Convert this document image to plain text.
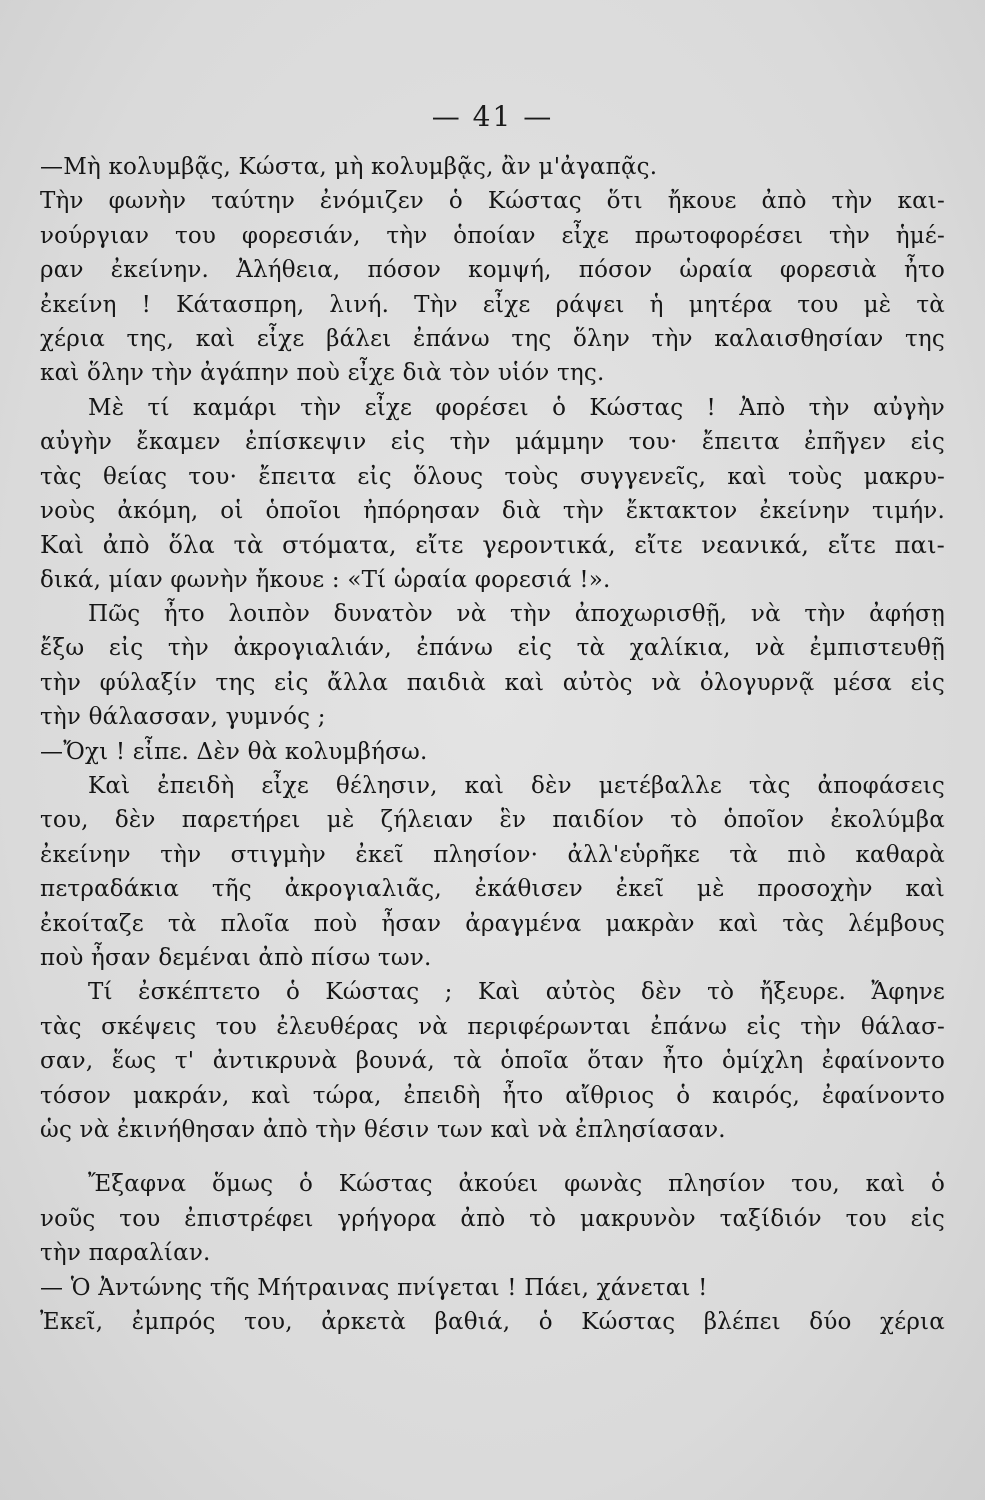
— 41 —
—Μὴ κολυμβᾷς, Κώστα, μὴ κολυμβᾷς, ἂν μ'ἀγαπᾷς.
Τὴν φωνὴν ταύτην ἐνόμιζεν ὁ Κώστας ὅτι ἤκουε ἀπὸ τὴν και-
νούργιαν του φορεσιάν, τὴν ὁποίαν εἶχε πρωτοφορέσει τὴν ἡμέ-
ραν ἐκείνην. Ἀλήθεια, πόσον κομψή, πόσον ὡραία φορεσιὰ ἦτο
ἐκείνη ! Κάτασπρη, λινή. Τὴν εἶχε ράψει ἡ μητέρα του μὲ τὰ
χέρια της, καὶ εἶχε βάλει ἐπάνω της ὅλην τὴν καλαισθησίαν της
καὶ ὅλην τὴν ἀγάπην ποὺ εἶχε διὰ τὸν υἱόν της.
Μὲ τί καμάρι τὴν εἶχε φορέσει ὁ Κώστας ! Ἀπὸ τὴν αὐγὴν
αὐγὴν ἔκαμεν ἐπίσκεψιν εἰς τὴν μάμμην του· ἔπειτα ἐπῆγεν εἰς
τὰς θείας του· ἔπειτα εἰς ὅλους τοὺς συγγενεῖς, καὶ τοὺς μακρυ-
νοὺς ἀκόμη, οἱ ὁποῖοι ἠπόρησαν διὰ τὴν ἔκτακτον ἐκείνην τιμήν.
Καὶ ἀπὸ ὅλα τὰ στόματα, εἴτε γεροντικά, εἴτε νεανικά, εἴτε παι-
δικά, μίαν φωνὴν ἤκουε : «Τί ὡραία φορεσιά !».
Πῶς ἦτο λοιπὸν δυνατὸν νὰ τὴν ἀποχωρισθῇ, νὰ τὴν ἀφήσῃ
ἔξω εἰς τὴν ἀκρογιαλιάν, ἐπάνω εἰς τὰ χαλίκια, νὰ ἐμπιστευθῇ
τὴν φύλαξίν της εἰς ἄλλα παιδιὰ καὶ αὐτὸς νὰ ὀλογυρνᾷ μέσα εἰς
τὴν θάλασσαν, γυμνός ;
—Ὄχι ! εἶπε. Δὲν θὰ κολυμβήσω.
Καὶ ἐπειδὴ εἶχε θέλησιν, καὶ δὲν μετέβαλλε τὰς ἀποφάσεις
του, δὲν παρετήρει μὲ ζήλειαν ἓν παιδίον τὸ ὁποῖον ἐκολύμβα
ἐκείνην τὴν στιγμὴν ἐκεῖ πλησίον· ἀλλ'εὑρῆκε τὰ πιὸ καθαρὰ
πετραδάκια τῆς ἀκρογιαλιᾶς, ἐκάθισεν ἐκεῖ μὲ προσοχὴν καὶ
ἐκοίταζε τὰ πλοῖα ποὺ ἦσαν ἀραγμένα μακρὰν καὶ τὰς λέμβους
ποὺ ἦσαν δεμέναι ἀπὸ πίσω των.
Τί ἐσκέπτετο ὁ Κώστας ; Καὶ αὐτὸς δὲν τὸ ἤξευρε. Ἄφηνε
τὰς σκέψεις του ἐλευθέρας νὰ περιφέρωνται ἐπάνω εἰς τὴν θάλασ-
σαν, ἕως τ' ἀντικρυνὰ βουνά, τὰ ὁποῖα ὅταν ἦτο ὁμίχλη ἐφαίνοντο
τόσον μακράν, καὶ τώρα, ἐπειδὴ ἦτο αἴθριος ὁ καιρός, ἐφαίνοντο
ὡς νὰ ἐκινήθησαν ἀπὸ τὴν θέσιν των καὶ νὰ ἐπλησίασαν.
Ἔξαφνα ὅμως ὁ Κώστας ἀκούει φωνὰς πλησίον του, καὶ ὁ
νοῦς του ἐπιστρέφει γρήγορα ἀπὸ τὸ μακρυνὸν ταξίδιόν του εἰς
τὴν παραλίαν.
— Ὁ Ἀντώνης τῆς Μήτραινας πνίγεται ! Πάει, χάνεται !
Ἐκεῖ, ἐμπρός του, ἀρκετὰ βαθιά, ὁ Κώστας βλέπει δύο χέρια
